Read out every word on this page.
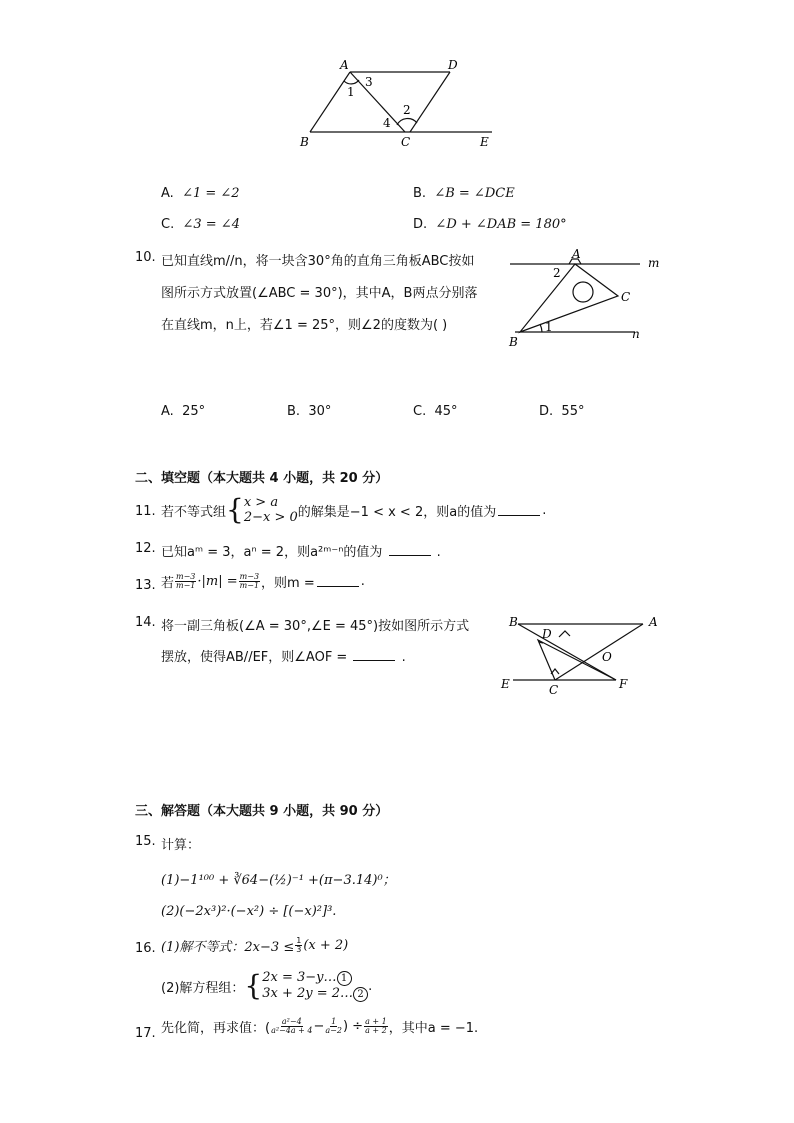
A	D
B	C	E
1
3
2
4
A. ∠1 = ∠2	B. ∠B = ∠DCE
C. ∠3 = ∠4	D. ∠D + ∠DAB = 180°
10. 已知直线m//n，将一块含30°角的直角三角板ABC按如
图所示方式放置(∠ABC = 30°)，其中A，B两点分别落
在直线m，n上，若∠1 = 25°，则∠2的度数为( )
A
B
C
m
n
2
1
A. 25°	B. 30°	C. 45°	D. 55°
二、填空题（本大题共 4 小题，共 20 分）
11. 若不等式组 { x > a
2−x > 0 的解集是−1 < x < 2，则a的值为	.
12. 已知aᵐ = 3，aⁿ = 2，则a²ᵐ⁻ⁿ的值为	.
13. 若 $\frac{m-3}{m-1} \cdot|m| = \frac{m-3}{m-1}$ ，则m =	.
14. 将一副三角板(∠A = 30°,∠E = 45°)按如图所示方式
摆放，使得AB//EF，则∠AOF =	.
B	A
D
O
E	C	F
三、解答题（本大题共 9 小题，共 90 分）
15. 计算：
(1)−1¹⁰⁰ + ∛64−(½)⁻¹ +(π−3.14)⁰；
(2)(−2x³)²·(−x²) ÷ [(−x)²]³.
16. (1)解不等式：$2x-3 \le \frac{1}{3} (x + 2)$
(2)解方程组： { 2x = 3−y… 1
3x + 2y = 2… 2
.
17. 先化简，再求值：( $\frac{\text{a²−4}}{\text{a²−4a + 4}} - \frac{1}{a-2}$ ) ÷ $\frac{a + 1}{a + 2}$ ，其中a = −1.
